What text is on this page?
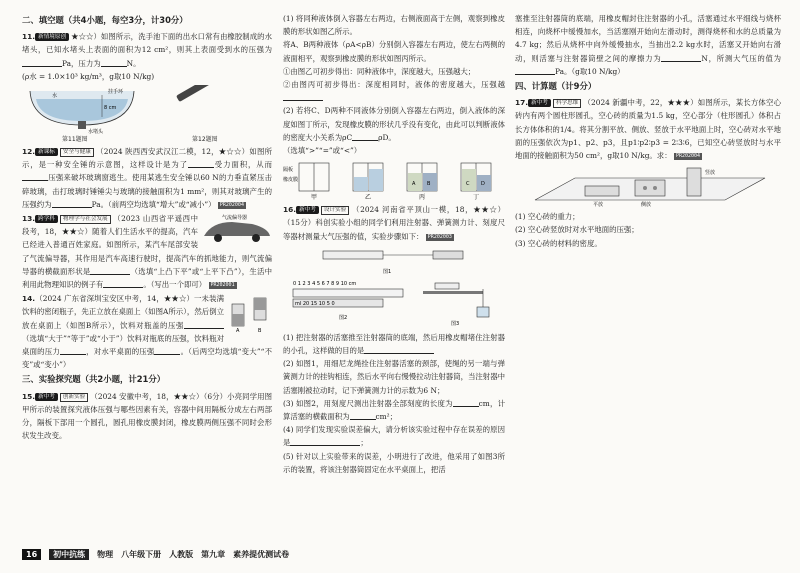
二、填空题（共4小题，每空3分，计30分）
11. 新情境原创 ★☆☆）如图所示，洗手池下面的出水口常有由橡胶制成的水堵头，已知水堵头上表面的面积为12 cm²，则其上表面受到水的压强为Pa，压力为	N。
(ρ水 = 1.0×10³ kg/m³，g取10 N/kg)
8 cm
水
挂手环
水堵头
第11题图	第12题图
12. 新课标 安全与健康 （2024 陕西西安武汉江二模，12，★☆☆）如图所示，是一种安全锤的示意图，这样设计是为了	受力面积，从而压强来破坏玻璃窗逃生。使用某逃生安全锤以60 N的力垂直紧压击碎玻璃，击打玻璃时锤锤尖与玻璃的接触面积为1 mm²，则其对玻璃产生的压强约为	Pa。（前两空均选填“增大”或“减小”） PR202004
气流偏导器
13. 跨学科 物理学与社会发展 （2023 山西省平遥西中段考，18，★★☆）随着人们生活水平的提高，汽车已经进入普通百姓家庭。如图所示，某汽车尾部安装了气流偏导器，其作用是汽车高速行驶时，提高汽车的抓地能力，则气流偏导器的横截面形状是	（选填“上凸下平”或“上平下凸”），生活中利用此物理知识的例子有	。（写出一个即可） PR202001
A	B
14.（2024 广东省深圳宝安区中考，14，★★☆）一未装满饮料的密闭瓶子，先正立放在桌面上（如图A所示），然后倒立放在桌面上（如图B所示），饮料对瓶盖的压强（选填“大于”“等于”或“小于”）饮料对瓶底的压强，饮料瓶对桌面的压力	，对水平桌面的压强	。（后两空均选填“变大”“不变”或“变小”）
三、实验探究题（共2小题，计21分）
15. 新中考 创新实验 （2024 安徽中考，18，★★☆）（6分）小亮同学用图甲所示的装置探究液体压强与哪些因素有关，容器中间用隔板分成左右两部分，隔板下部用一个圆孔，圆孔用橡皮膜封闭，橡皮膜两侧压强不同时会形状发生改变。
(1) 将同种液体倒入容器左右两边，右侧液面高于左侧，观察到橡皮膜的形状如图乙所示。
将A、B两种液体（ρA<ρB）分别倒入容器左右两边，使左右两侧的液面相平，观察到橡皮膜的形状如图丙所示。
①由图乙可初步得出：同种液体中，深度越大，压强越大；
②由图丙可初步得出：深度相同时，液体的密度越大，压强越
(2) 若将C、D两种不同液体分别倒入容器左右两边，倒入液体的深度如图丁所示，发现橡皮膜的形状几乎没有变化，由此可以判断液体的密度大小关系为ρC	ρD。
（选填“>”“=”或“<”）
隔板
橡皮膜
甲	乙	丙	丁
A B	C D
16. 新中考 设计实验 （2024 河南省平顶山一模，18，★★☆）（15分）科创实验小组的同学们利用注射器、弹簧测力计、刻度尺等器材测量大气压强的值，实验步骤如下： PR202003
图1
0 1 2 3 4 5 6 7 8 9 10 cm
ml 20 15 10 5 0
图2
图3
(1) 把注射器的活塞推至注射器筒的底端，然后用橡皮帽堵住注射器的小孔，这样做的目的是
(2) 如图1，用细尼龙绳拴住注射器活塞的颈部，使绳的另一端与弹簧测力计的挂钩相连，然后水平向右慢慢拉动注射器筒，当注射器中活塞刚被拉动时，记下弹簧测力计的示数为6 N；
(3) 如图2，用刻度尺测出注射器全部刻度的长度为	cm，计算活塞的横截面积为	cm²；
(4) 同学们发现实验误差偏大，请分析该实验过程中存在误差的原因是	；
(5) 针对以上实验带来的误差，小明进行了改进，他采用了如图3所示的装置，将该注射器筒固定在水平桌面上，把活
塞推至注射器筒的底端，用橡皮帽封住注射器的小孔，活塞通过水平细线与烧杯相连，向烧杯中缓慢加水，当活塞刚开始向左滑动时，测得烧杯和水的总质量为4.7 kg；然后从烧杯中向外缓慢抽水，当抽出2.2 kg水时，活塞又开始向右滑动，则活塞与注射器筒壁之间的摩擦力为	N，所测大气压的值为Pa。（g取10 N/kg）
四、计算题（计9分）
17. 新中考 科学思维 （2024 新疆中考，22，★★★）如图所示，某长方体空心砖内有两个圆柱形圆孔，空心砖的质量为1.5 kg，空心部分（柱形圆孔）体积占长方体体积的1/4。将其分割平放、侧放、竖放于水平地面上时，空心砖对水平地面的压强依次为p1、p2、p3，且p1∶p2∶p3 = 2∶3∶6，已知空心砖竖放时与水平地面的接触面积为50 cm²，g取10 N/kg。求： PR202004
竖放
平放	侧放
(1) 空心砖的重力；
(2) 空心砖竖放时对水平地面的压强；
(3) 空心砖的材料的密度。
16 初中抗练 物理 八年级下册 人教版 第九章 素养提优测试卷
